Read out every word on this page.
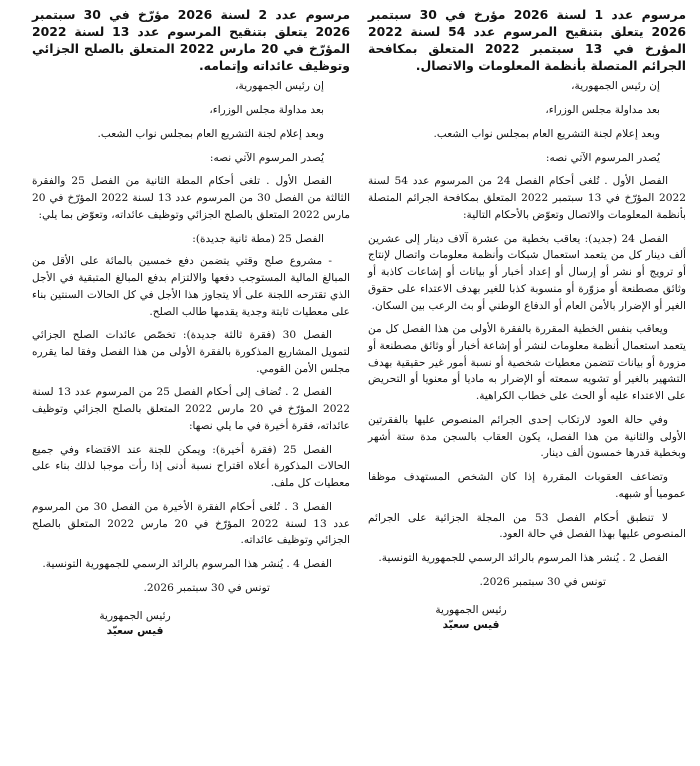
مرسوم عدد 1 لسنة 2026 مؤرخ في 30 سبتمبر 2026 يتعلق بتنقيح المرسوم عدد 54 لسنة 2022 المؤرخ في 13 سبتمبر 2022 المتعلق بمكافحة الجرائم المتصلة بأنظمة المعلومات والاتصال.

إن رئيس الجمهورية،

بعد مداولة مجلس الوزراء،

وبعد إعلام لجنة التشريع العام بمجلس نواب الشعب.

يُصدر المرسوم الآتي نصه:

الفصل الأول . تُلغى أحكام الفصل 24 من المرسوم عدد 54 لسنة 2022 المؤرّخ في 13 سبتمبر 2022 المتعلق بمكافحة الجرائم المتصلة بأنظمة المعلومات والاتصال وتعوّض بالأحكام التالية:

الفصل 24 (جديد): يعاقب بخطية من عشرة آلاف دينار إلى عشرين ألف دينار كل من يتعمد استعمال شبكات وأنظمة معلومات واتصال لإنتاج أو ترويج أو نشر أو إرسال أو إعداد أخبار أو بيانات أو إشاعات كاذبة أو وثائق مصطنعة أو مزوّرة أو منسوبة كذبا للغير بهدف الاعتداء على حقوق الغير أو الإضرار بالأمن العام أو الدفاع الوطني أو بث الرعب بين السكان.

ويعاقب بنفس الخطية المقررة بالفقرة الأولى من هذا الفصل كل من يتعمد استعمال أنظمة معلومات لنشر أو إشاعة أخبار أو وثائق مصطنعة أو مزورة أو بيانات تتضمن معطيات شخصية أو نسبة أمور غير حقيقية بهدف التشهير بالغير أو تشويه سمعته أو الإضرار به ماديا أو معنويا أو التحريض على الاعتداء عليه أو الحث على خطاب الكراهية.

وفي حالة العود لارتكاب إحدى الجرائم المنصوص عليها بالفقرتين الأولى والثانية من هذا الفصل، يكون العقاب بالسجن مدة ستة أشهر وبخطية قدرها خمسون ألف دينار.

وتضاعف العقوبات المقررة إذا كان الشخص المستهدف موظفا عموميا أو شبهه.

لا تنطبق أحكام الفصل 53 من المجلة الجزائية على الجرائم المنصوص عليها بهذا الفصل في حالة العود.

الفصل 2 . يُنشر هذا المرسوم بالرائد الرسمي للجمهورية التونسية.

تونس في 30 سبتمبر 2026.

رئيس الجمهورية
قيس سعيّد

مرسوم عدد 2 لسنة 2026 مؤرّخ في 30 سبتمبر 2026 يتعلق بتنقيح المرسوم عدد 13 لسنة 2022 المؤرّخ في 20 مارس 2022 المتعلق بالصلح الجزائي وتوظيف عائداته وإتمامه.

إن رئيس الجمهورية،

بعد مداولة مجلس الوزراء،

وبعد إعلام لجنة التشريع العام بمجلس نواب الشعب.

يُصدر المرسوم الآتي نصه:

الفصل الأول . تلغى أحكام المطة الثانية من الفصل 25 والفقرة الثالثة من الفصل 30 من المرسوم عدد 13 لسنة 2022 المؤرّخ في 20 مارس 2022 المتعلق بالصلح الجزائي وتوظيف عائداته، وتعوّض بما يلي:

الفصل 25 (مطة ثانية جديدة):

- مشروع صلح وقتي يتضمن دفع خمسين بالمائة على الأقل من المبالغ المالية المستوجب دفعها والالتزام بدفع المبالغ المتبقية في الأجل الذي تقترحه اللجنة على ألا يتجاوز هذا الأجل في كل الحالات السنتين بناء على معطيات ثابتة وجدية يقدمها طالب الصلح.

الفصل 30 (فقرة ثالثة جديدة): تخصّص عائدات الصلح الجزائي لتمويل المشاريع المذكورة بالفقرة الأولى من هذا الفصل وفقا لما يقرره مجلس الأمن القومي.

الفصل 2 . تُضاف إلى أحكام الفصل 25 من المرسوم عدد 13 لسنة 2022 المؤرّخ في 20 مارس 2022 المتعلق بالصلح الجزائي وتوظيف عائداته، فقرة أخيرة في ما يلي نصها:

الفصل 25 (فقرة أخيرة): ويمكن للجنة عند الاقتضاء وفي جميع الحالات المذكورة أعلاه اقتراح نسبة أدنى إذا رأت موجبا لذلك بناء على معطيات كل ملف.

الفصل 3 . تُلغى أحكام الفقرة الأخيرة من الفصل 30 من المرسوم عدد 13 لسنة 2022 المؤرّخ في 20 مارس 2022 المتعلق بالصلح الجزائي وتوظيف عائداته.

الفصل 4 . يُنشر هذا المرسوم بالرائد الرسمي للجمهورية التونسية.

تونس في 30 سبتمبر 2026.

رئيس الجمهورية
قيس سعيّد
